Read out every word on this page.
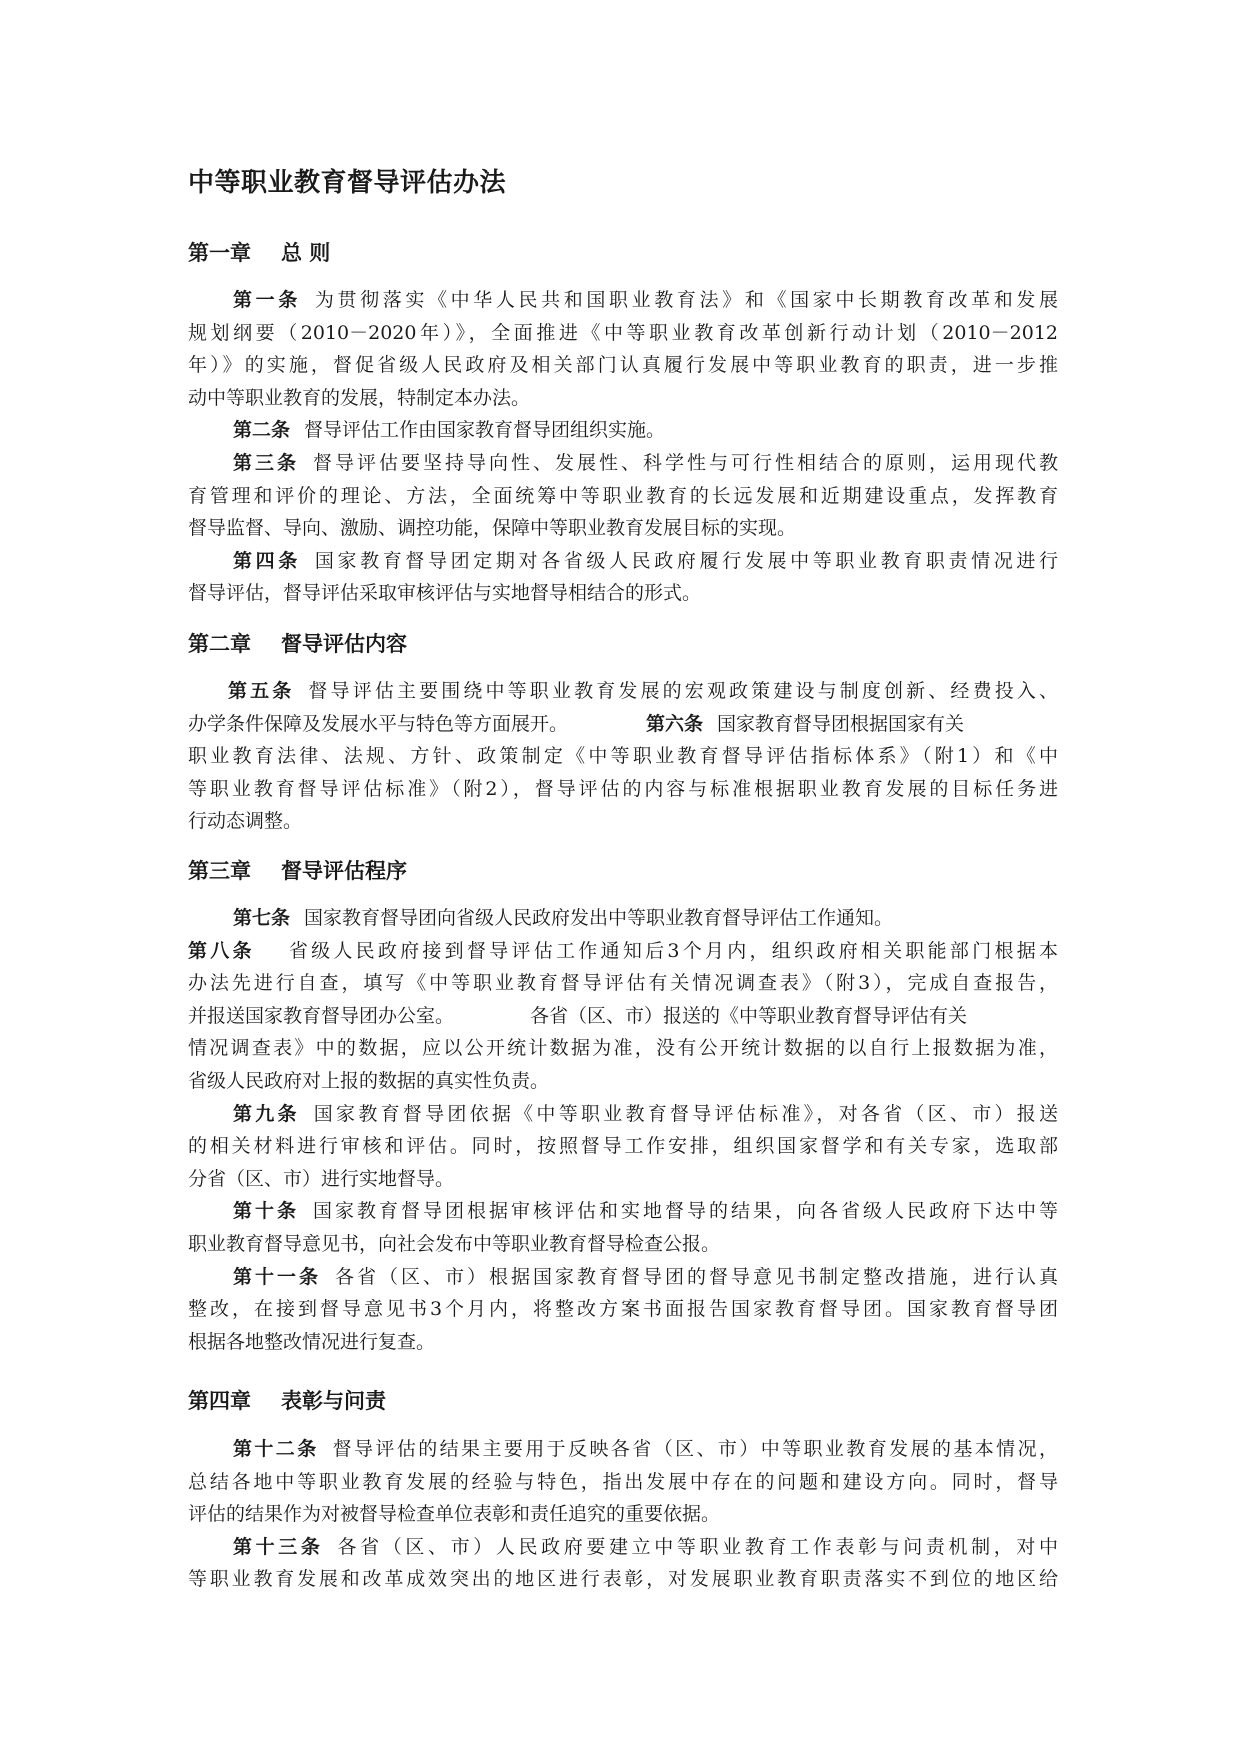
中等职业教育督导评估办法
第一章 总 则
第一条 为贯彻落实《中华人民共和国职业教育法》和《国家中长期教育改革和发展
规划纲要（2010－2020年）》，全面推进《中等职业教育改革创新行动计划（2010－2012
年）》的实施，督促省级人民政府及相关部门认真履行发展中等职业教育的职责，进一步推
动中等职业教育的发展，特制定本办法。
第二条 督导评估工作由国家教育督导团组织实施。
第三条 督导评估要坚持导向性、发展性、科学性与可行性相结合的原则，运用现代教
育管理和评价的理论、方法，全面统筹中等职业教育的长远发展和近期建设重点，发挥教育
督导监督、导向、激励、调控功能，保障中等职业教育发展目标的实现。
第四条 国家教育督导团定期对各省级人民政府履行发展中等职业教育职责情况进行
督导评估，督导评估采取审核评估与实地督导相结合的形式。
第二章 督导评估内容
第五条 督导评估主要围绕中等职业教育发展的宏观政策建设与制度创新、经费投入、
办学条件保障及发展水平与特色等方面展开。	第六条 国家教育督导团根据国家有关
职业教育法律、法规、方针、政策制定《中等职业教育督导评估指标体系》（附1）和《中
等职业教育督导评估标准》（附2），督导评估的内容与标准根据职业教育发展的目标任务进
行动态调整。
第三章 督导评估程序
第七条 国家教育督导团向省级人民政府发出中等职业教育督导评估工作通知。
第八条 省级人民政府接到督导评估工作通知后3个月内，组织政府相关职能部门根据本
办法先进行自查，填写《中等职业教育督导评估有关情况调查表》（附3），完成自查报告，
并报送国家教育督导团办公室。	各省（区、市）报送的《中等职业教育督导评估有关
情况调查表》中的数据，应以公开统计数据为准，没有公开统计数据的以自行上报数据为准，
省级人民政府对上报的数据的真实性负责。
第九条 国家教育督导团依据《中等职业教育督导评估标准》，对各省（区、市）报送
的相关材料进行审核和评估。同时，按照督导工作安排，组织国家督学和有关专家，选取部
分省（区、市）进行实地督导。
第十条 国家教育督导团根据审核评估和实地督导的结果，向各省级人民政府下达中等
职业教育督导意见书，向社会发布中等职业教育督导检查公报。
第十一条 各省（区、市）根据国家教育督导团的督导意见书制定整改措施，进行认真
整改，在接到督导意见书3个月内，将整改方案书面报告国家教育督导团。国家教育督导团
根据各地整改情况进行复查。
第四章 表彰与问责
第十二条 督导评估的结果主要用于反映各省（区、市）中等职业教育发展的基本情况，
总结各地中等职业教育发展的经验与特色，指出发展中存在的问题和建设方向。同时，督导
评估的结果作为对被督导检查单位表彰和责任追究的重要依据。
第十三条 各省（区、市）人民政府要建立中等职业教育工作表彰与问责机制，对中
等职业教育发展和改革成效突出的地区进行表彰，对发展职业教育职责落实不到位的地区给
